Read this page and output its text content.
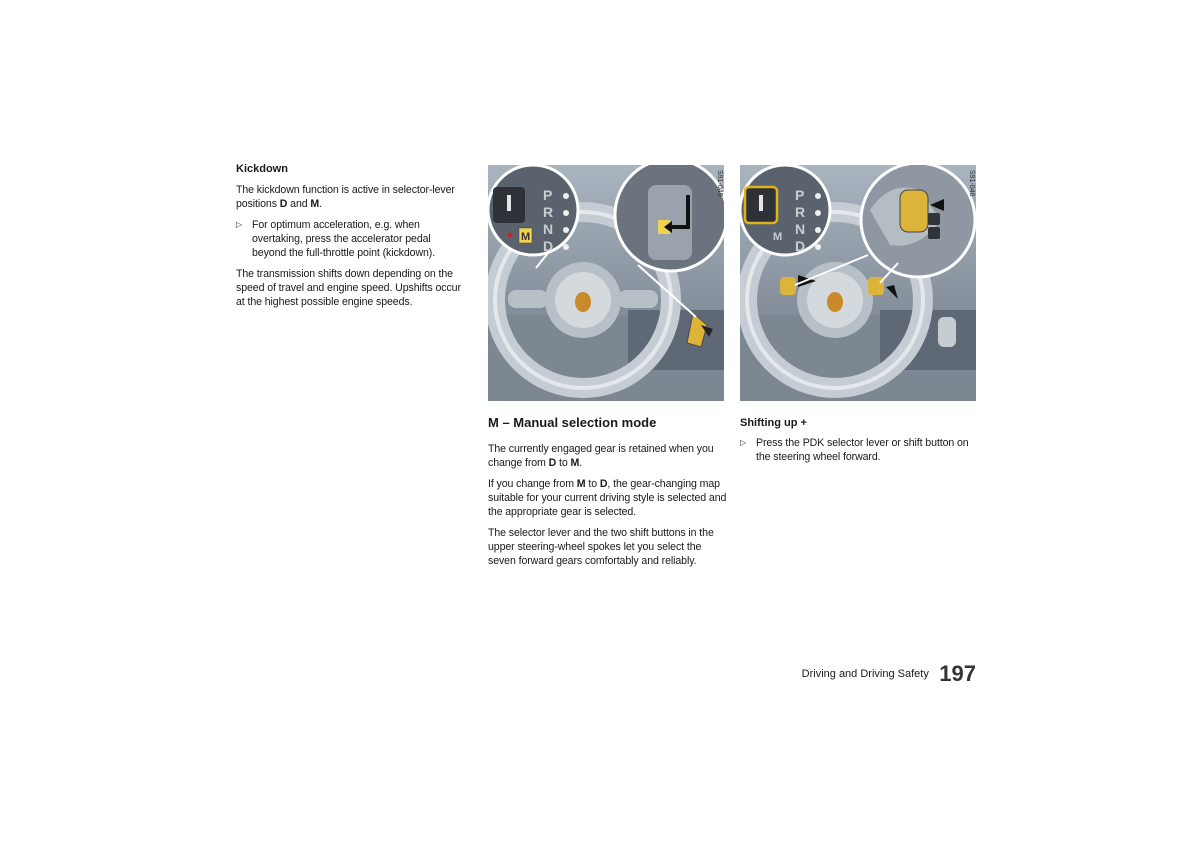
Kickdown

The kickdown function is active in selector-lever positions D and M.

▷ For optimum acceleration, e.g. when overtaking, press the accelerator pedal beyond the full-throttle point (kickdown).

The transmission shifts down depending on the speed of travel and engine speed. Upshifts occur at the highest possible engine speeds.

P
R
N
D
M
S91-045	P
R
N
D
M
S91-046
M – Manual selection mode

The currently engaged gear is retained when you change from D to M.

If you change from M to D, the gear-changing map suitable for your current driving style is selected and the appropriate gear is selected.

The selector lever and the two shift buttons in the upper steering-wheel spokes let you select the seven forward gears comfortably and reliably.

Shifting up +
▷ Press the PDK selector lever or shift button on the steering wheel forward.
Driving and Driving Safety 197
